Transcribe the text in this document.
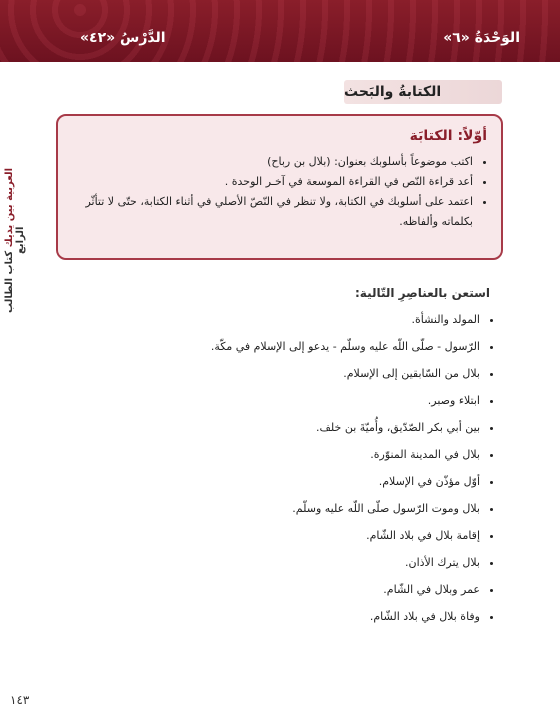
الوَحْدَةُ «٦»
الدَّرْسُ «٤٢»
العربية بين يديك كتاب الطالب الرابع
الكتابةُ والبَحث
أوّلاً: الكتابَة
• اكتب موضوعاً بأسلوبك بعنوان: (بلال بن رباح)
• أعد قراءة النّص في القراءة الموسعة في آخـر الوحدة .
• اعتمد على أسلوبك في الكتابة، ولا تنظر في النّصّ الأصلي في أثناء الكتابة، حتّى لا تتأثّر بكلماته وألفاظه.
استعن بالعناصِرِ التّالية:
• المولد والنشأة.
• الرّسول - صلّى اللّه عليه وسلّم - يدعو إلى الإسلام في مكّة.
• بلال من السّابقين إلى الإسلام.
• ابتلاء وصبر.
• بين أبي بكر الصّدّيق، وأُميّةَ بن خلف.
• بلال في المدينة المنوّرة.
• أوّل مؤذّن في الإسلام.
• بلال وموت الرّسول صلّى اللّه عليه وسلّم.
• إقامة بلال في بلاد الشّام.
• بلال يترك الأذان.
• عمر وبلال في الشّام.
• وفاة بلال في بلاد الشّام.
١٤٣
